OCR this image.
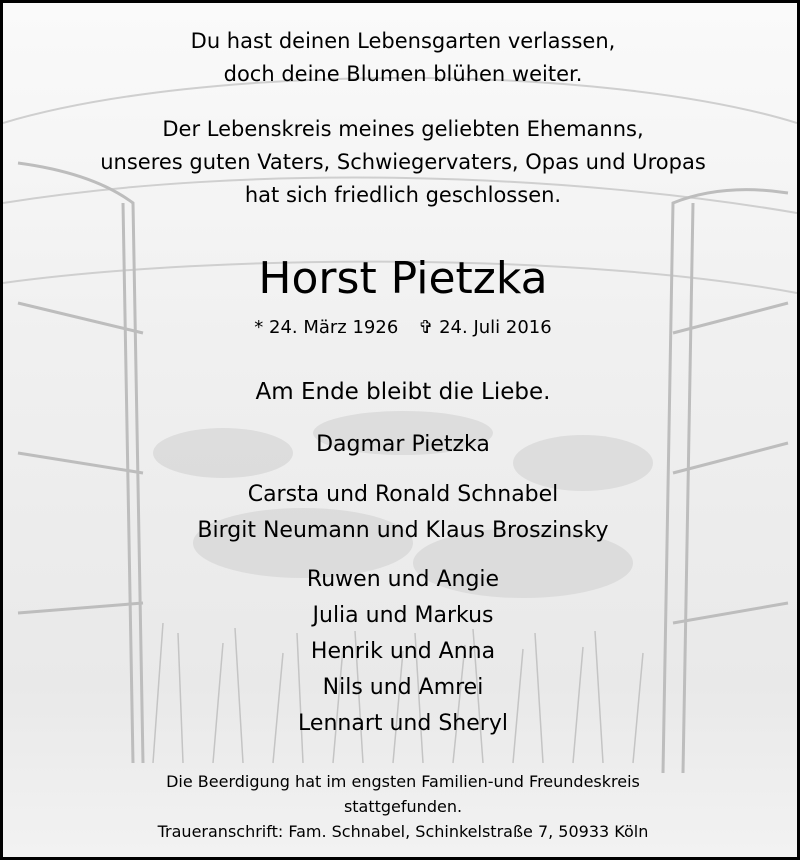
Du hast deinen Lebensgarten verlassen,
doch deine Blumen blühen weiter.
Der Lebenskreis meines geliebten Ehemanns,
unseres guten Vaters, Schwiegervaters, Opas und Uropas
hat sich friedlich geschlossen.
Horst Pietzka
* 24. März 1926 ✞ 24. Juli 2016
Am Ende bleibt die Liebe.
Dagmar Pietzka
Carsta und Ronald Schnabel
Birgit Neumann und Klaus Broszinsky
Ruwen und Angie
Julia und Markus
Henrik und Anna
Nils und Amrei
Lennart und Sheryl
Die Beerdigung hat im engsten Familien-und Freundeskreis
stattgefunden.
Traueranschrift: Fam. Schnabel, Schinkelstraße 7, 50933 Köln
